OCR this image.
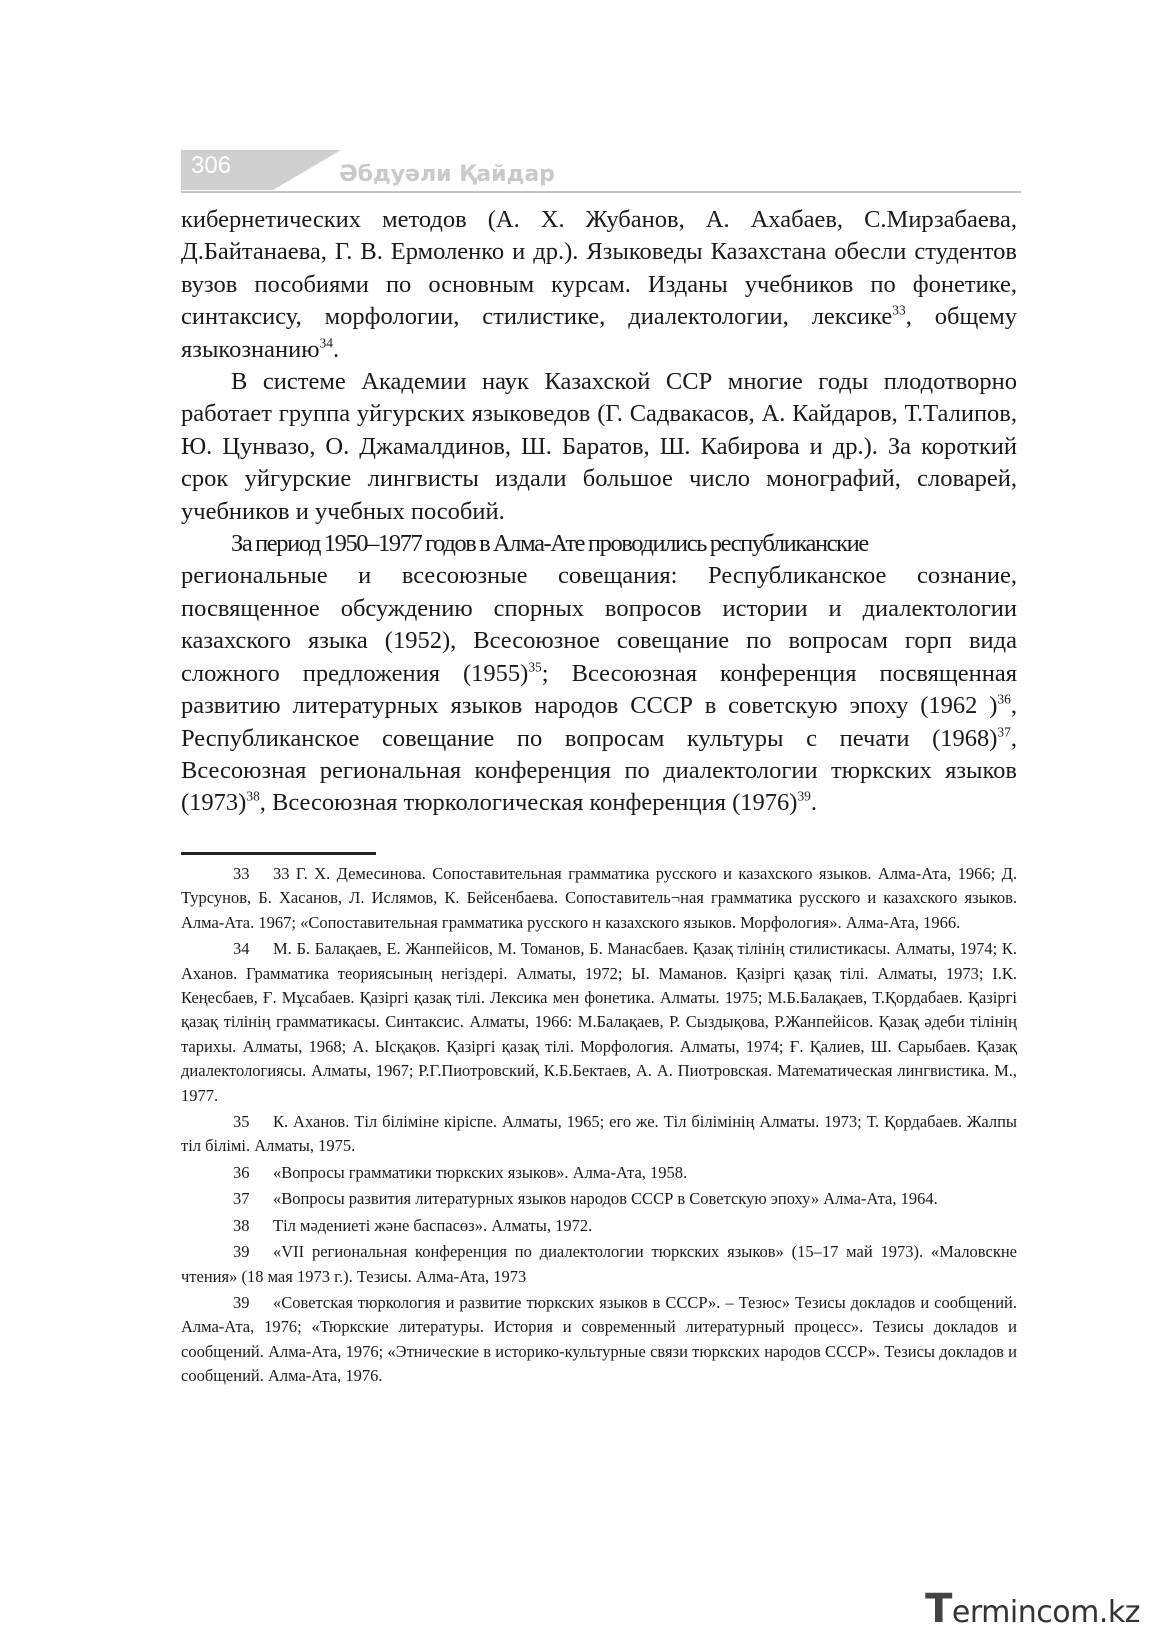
306	Әбдуәли Қайдар

кибернетических методов (А. Х. Жубанов, А. Ахабаев, С.Мирзабаева, Д.Байтанаева, Г. В. Ермоленко и др.). Языковеды Казахстана обесли студентов вузов пособиями по основным курсам. Изданы учебников по фонетике, синтаксису, морфологии, стилистике, диалектологии, лексике$^{33}$, общему языкознанию$^{34}$.

В системе Академии наук Казахской ССР многие годы плодотворно работает группа уйгурских языковедов (Г. Садвакасов, А. Кайдаров, Т.Талипов, Ю. Цунвазо, О. Джамалдинов, Ш. Баратов, Ш. Кабирова и др.). За короткий срок уйгурские лингвисты издали большое число монографий, словарей, учебников и учебных пособий.

За период 1950–1977 годов в Алма-Ате проводились республиканские

региональные и всесоюзные совещания: Республиканское сознание, посвященное обсуждению спорных вопросов истории и диалектологии казахского языка (1952), Всесоюзное совещание по вопросам горп вида сложного предложения $(1955)^{35}$; Всесоюзная конференция посвященная развитию литературных языков народов СССР в советскую эпоху (1962 )$^{36}$, Республиканское совещание по вопросам культуры с печати $(1968)^{37}$, Всесоюзная региональная конференция по диалектологии тюркских языков $(1973)^{38}$, Всесоюзная тюркологическая конференция $(1976)^{39}$.

33 33 Г. Х. Демесинова. Сопоставительная грамматика русского и казахского языков. Алма-Ата, 1966; Д. Турсунов, Б. Хасанов, Л. Ислямов, К. Бейсенбаева. Сопоставитель¬ная грамматика русского и казахского языков. Алма-Ата. 1967; «Сопоставительная грамматика русского н казахского языков. Морфология». Алма-Ата, 1966.

34 М. Б. Балақаев, Е. Жанпейісов, М. Томанов, Б. Манасбаев. Қазақ тілінің стилистикасы. Алматы, 1974; К. Аханов. Грамматика теориясының негіздері. Алматы, 1972; Ы. Маманов. Қазіргі қазақ тілі. Алматы, 1973; І.К. Кеңесбаев, Ғ. Мұсабаев. Қазіргі қазақ тілі. Лексика мен фонетика. Алматы. 1975; М.Б.Балақаев, Т.Қордабаев. Қазіргі қазақ тілінің грамматикасы. Синтаксис. Алматы, 1966: М.Балақаев, Р. Сыздықова, Р.Жанпейісов. Қазақ әдеби тілінің тарихы. Алматы, 1968; А. Ысқақов. Қазіргі қазақ тілі. Морфология. Алматы, 1974; Ғ. Қалиев, Ш. Сарыбаев. Қазақ диалектологиясы. Алматы, 1967; Р.Г.Пиотровский, К.Б.Бектаев, А. А. Пиотровская. Математическая лингвистика. М., 1977.

35 К. Аханов. Тіл біліміне кіріспе. Алматы, 1965; его же. Тіл білімінің Алматы. 1973; Т. Қордабаев. Жалпы тіл білімі. Алматы, 1975.

36 «Вопросы грамматики тюркских языков». Алма-Ата, 1958.

37 «Вопросы развития литературных языков народов СССР в Советскую эпоху» Алма-Ата, 1964.

38 Тіл мәдениеті және баспасөз». Алматы, 1972.

39 «VII региональная конференция по диалектологии тюркских языков» (15–17 май 1973). «Маловскне чтения» (18 мая 1973 г.). Тезисы. Алма-Ата, 1973

39 «Советская тюркология и развитие тюркских языков в СССР». – Тезюс» Тезисы докладов и сообщений. Алма-Ата, 1976; «Тюркские литературы. История и современный литературный процесс». Тезисы докладов и сообщений. Алма-Ата, 1976; «Этнические в историко-культурные связи тюркских народов СССР». Тезисы докладов и сообщений. Алма-Ата, 1976.

Termincom.kz
